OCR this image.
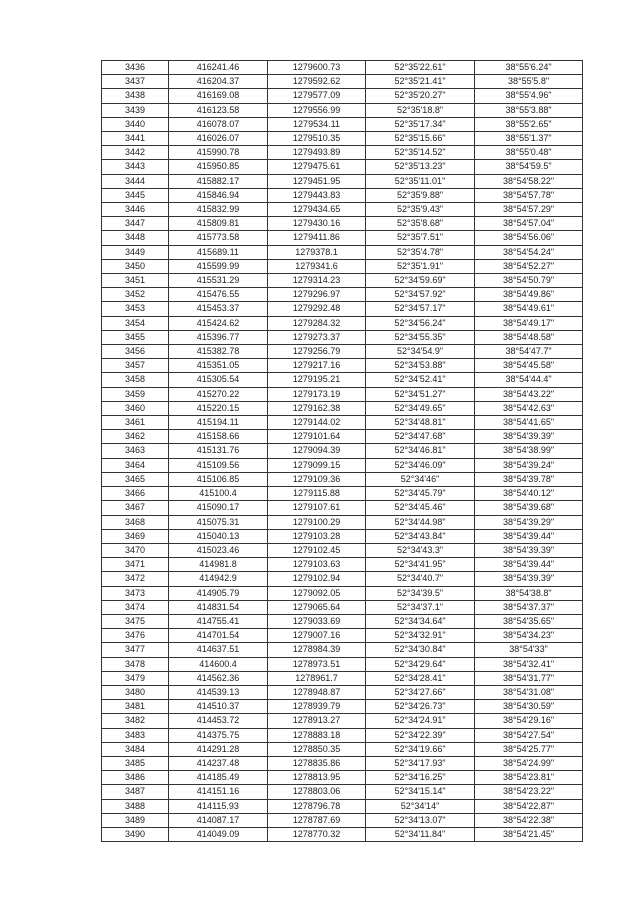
3436	416241.46	1279600.73	52°35'22.61"	38°55'6.24"
3437	416204.37	1279592.62	52°35'21.41"	38°55'5.8"
3438	416169.08	1279577.09	52°35'20.27"	38°55'4.96"
3439	416123.58	1279556.99	52°35'18.8"	38°55'3.88"
3440	416078.07	1279534.11	52°35'17.34"	38°55'2.65"
3441	416026.07	1279510.35	52°35'15.66"	38°55'1.37"
3442	415990.78	1279493.89	52°35'14.52"	38°55'0.48"
3443	415950.85	1279475.61	52°35'13.23"	38°54'59.5"
3444	415882.17	1279451.95	52°35'11.01"	38°54'58.22"
3445	415846.94	1279443.83	52°35'9.88"	38°54'57.78"
3446	415832.99	1279434.65	52°35'9.43"	38°54'57.29"
3447	415809.81	1279430.16	52°35'8.68"	38°54'57.04"
3448	415773.58	1279411.86	52°35'7.51"	38°54'56.06"
3449	415689.11	1279378.1	52°35'4.78"	38°54'54.24"
3450	415599.99	1279341.6	52°35'1.91"	38°54'52.27"
3451	415531.29	1279314.23	52°34'59.69"	38°54'50.79"
3452	415476.55	1279296.97	52°34'57.92"	38°54'49.86"
3453	415453.37	1279292.48	52°34'57.17"	38°54'49.61"
3454	415424.62	1279284.32	52°34'56.24"	38°54'49.17"
3455	415396.77	1279273.37	52°34'55.35"	38°54'48.58"
3456	415382.78	1279256.79	52°34'54.9"	38°54'47.7"
3457	415351.05	1279217.16	52°34'53.88"	38°54'45.58"
3458	415305.54	1279195.21	52°34'52.41"	38°54'44.4"
3459	415270.22	1279173.19	52°34'51.27"	38°54'43.22"
3460	415220.15	1279162.38	52°34'49.65"	38°54'42.63"
3461	415194.11	1279144.02	52°34'48.81"	38°54'41.65"
3462	415158.66	1279101.64	52°34'47.68"	38°54'39.39"
3463	415131.76	1279094.39	52°34'46.81"	38°54'38.99"
3464	415109.56	1279099.15	52°34'46.09"	38°54'39.24"
3465	415106.85	1279109.36	52°34'46"	38°54'39.78"
3466	415100.4	1279115.88	52°34'45.79"	38°54'40.12"
3467	415090.17	1279107.61	52°34'45.46"	38°54'39.68"
3468	415075.31	1279100.29	52°34'44.98"	38°54'39.29"
3469	415040.13	1279103.28	52°34'43.84"	38°54'39.44"
3470	415023.46	1279102.45	52°34'43.3"	38°54'39.39"
3471	414981.8	1279103.63	52°34'41.95"	38°54'39.44"
3472	414942.9	1279102.94	52°34'40.7"	38°54'39.39"
3473	414905.79	1279092.05	52°34'39.5"	38°54'38.8"
3474	414831.54	1279065.64	52°34'37.1"	38°54'37.37"
3475	414755.41	1279033.69	52°34'34.64"	38°54'35.65"
3476	414701.54	1279007.16	52°34'32.91"	38°54'34.23"
3477	414637.51	1278984.39	52°34'30.84"	38°54'33"
3478	414600.4	1278973.51	52°34'29.64"	38°54'32.41"
3479	414562.36	1278961.7	52°34'28.41"	38°54'31.77"
3480	414539.13	1278948.87	52°34'27.66"	38°54'31.08"
3481	414510.37	1278939.79	52°34'26.73"	38°54'30.59"
3482	414453.72	1278913.27	52°34'24.91"	38°54'29.16"
3483	414375.75	1278883.18	52°34'22.39"	38°54'27.54"
3484	414291.28	1278850.35	52°34'19.66"	38°54'25.77"
3485	414237.48	1278835.86	52°34'17.93"	38°54'24.99"
3486	414185.49	1278813.95	52°34'16.25"	38°54'23.81"
3487	414151.16	1278803.06	52°34'15.14"	38°54'23.22"
3488	414115.93	1278796.78	52°34'14"	38°54'22.87"
3489	414087.17	1278787.69	52°34'13.07"	38°54'22.38"
3490	414049.09	1278770.32	52°34'11.84"	38°54'21.45"
